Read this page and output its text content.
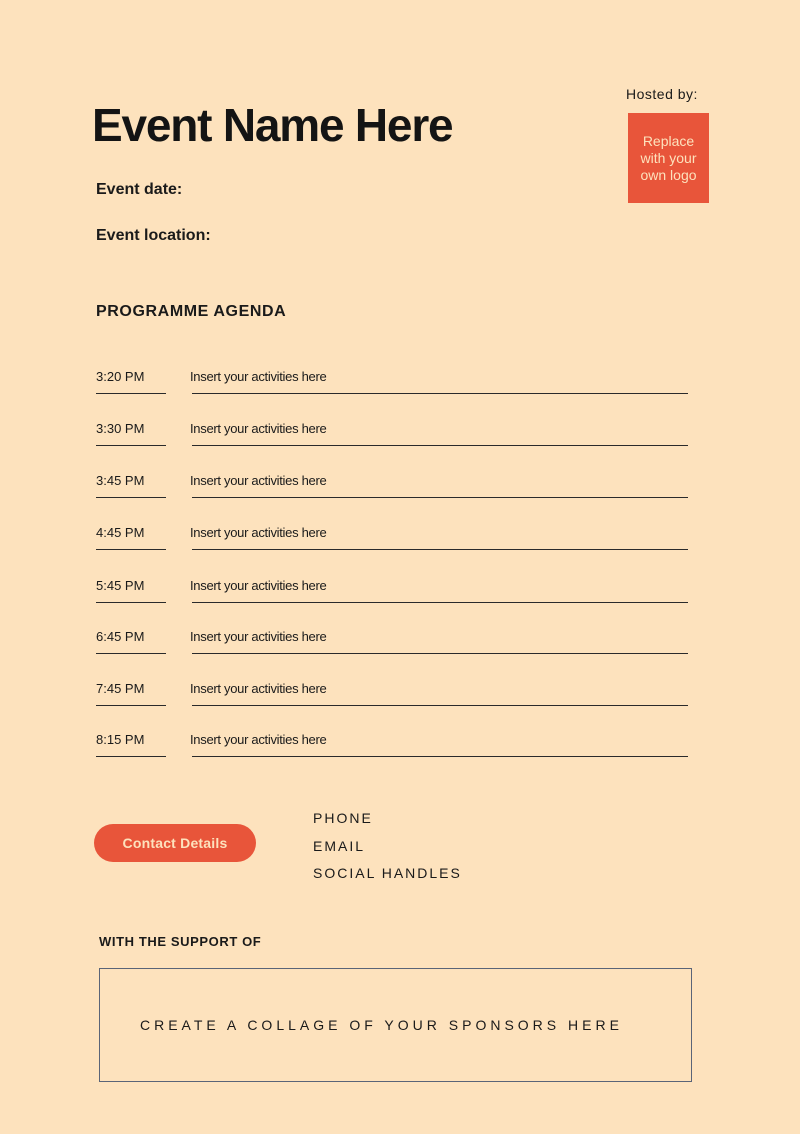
Event Name Here
Event date:
Event location:
Hosted by:
Replace with your own logo
PROGRAMME AGENDA
3:20 PM	Insert your activities here
3:30 PM	Insert your activities here
3:45 PM	Insert your activities here
4:45 PM	Insert your activities here
5:45 PM	Insert your activities here
6:45 PM	Insert your activities here
7:45 PM	Insert your activities here
8:15 PM	Insert your activities here
Contact Details
PHONE
EMAIL
SOCIAL HANDLES
WITH THE SUPPORT OF
CREATE A COLLAGE OF YOUR SPONSORS HERE
